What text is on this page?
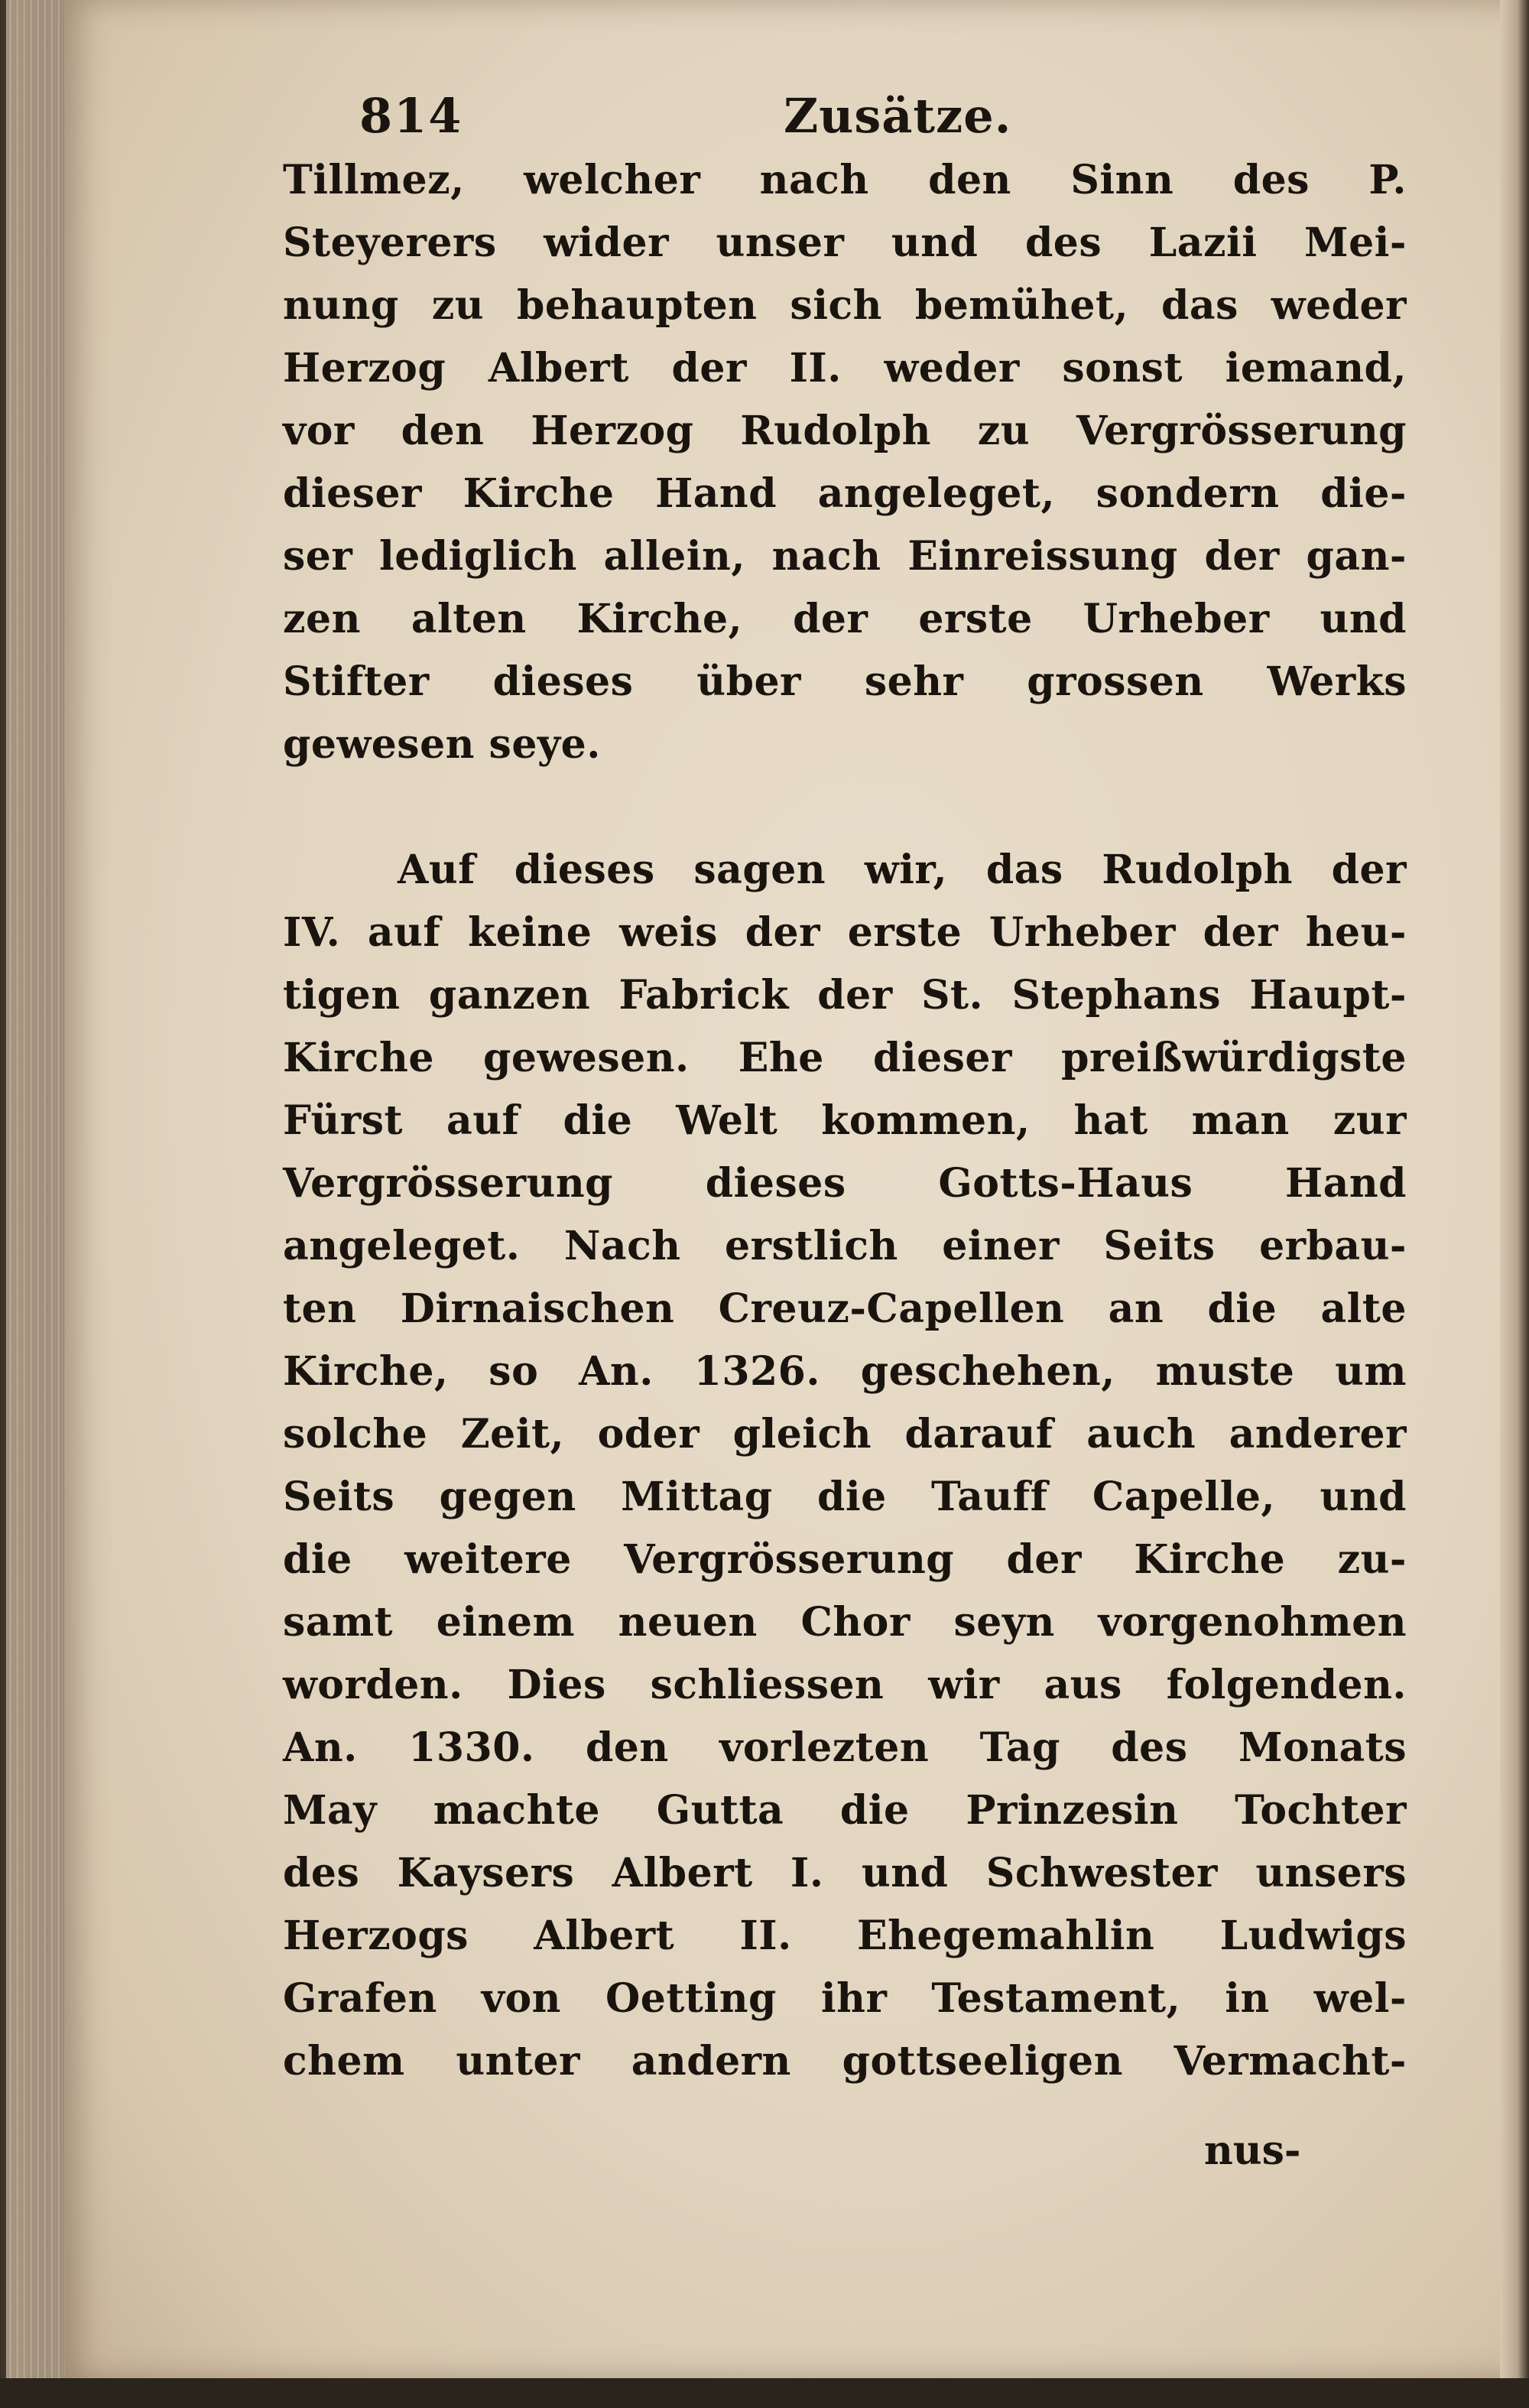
814	Zusätze.
Tillmez, welcher nach den Sinn des P.
Steyerers wider unser und des Lazii Mei-
nung zu behaupten sich bemühet, das weder
Herzog Albert der II. weder sonst iemand,
vor den Herzog Rudolph zu Vergrösserung
dieser Kirche Hand angeleget, sondern die-
ser lediglich allein, nach Einreissung der gan-
zen alten Kirche, der erste Urheber und
Stifter dieses über sehr grossen Werks
gewesen seye.
Auf dieses sagen wir, das Rudolph der
IV. auf keine weis der erste Urheber der heu-
tigen ganzen Fabrick der St. Stephans Haupt-
Kirche gewesen. Ehe dieser preißwürdigste
Fürst auf die Welt kommen, hat man zur
Vergrösserung dieses Gotts-Haus Hand
angeleget. Nach erstlich einer Seits erbau-
ten Dirnaischen Creuz-Capellen an die alte
Kirche, so An. 1326. geschehen, muste um
solche Zeit, oder gleich darauf auch anderer
Seits gegen Mittag die Tauff Capelle, und
die weitere Vergrösserung der Kirche zu-
samt einem neuen Chor seyn vorgenohmen
worden. Dies schliessen wir aus folgenden.
An. 1330. den vorlezten Tag des Monats
May machte Gutta die Prinzesin Tochter
des Kaysers Albert I. und Schwester unsers
Herzogs Albert II. Ehegemahlin Ludwigs
Grafen von Oetting ihr Testament, in wel-
chem unter andern gottseeligen Vermacht-
nus-
